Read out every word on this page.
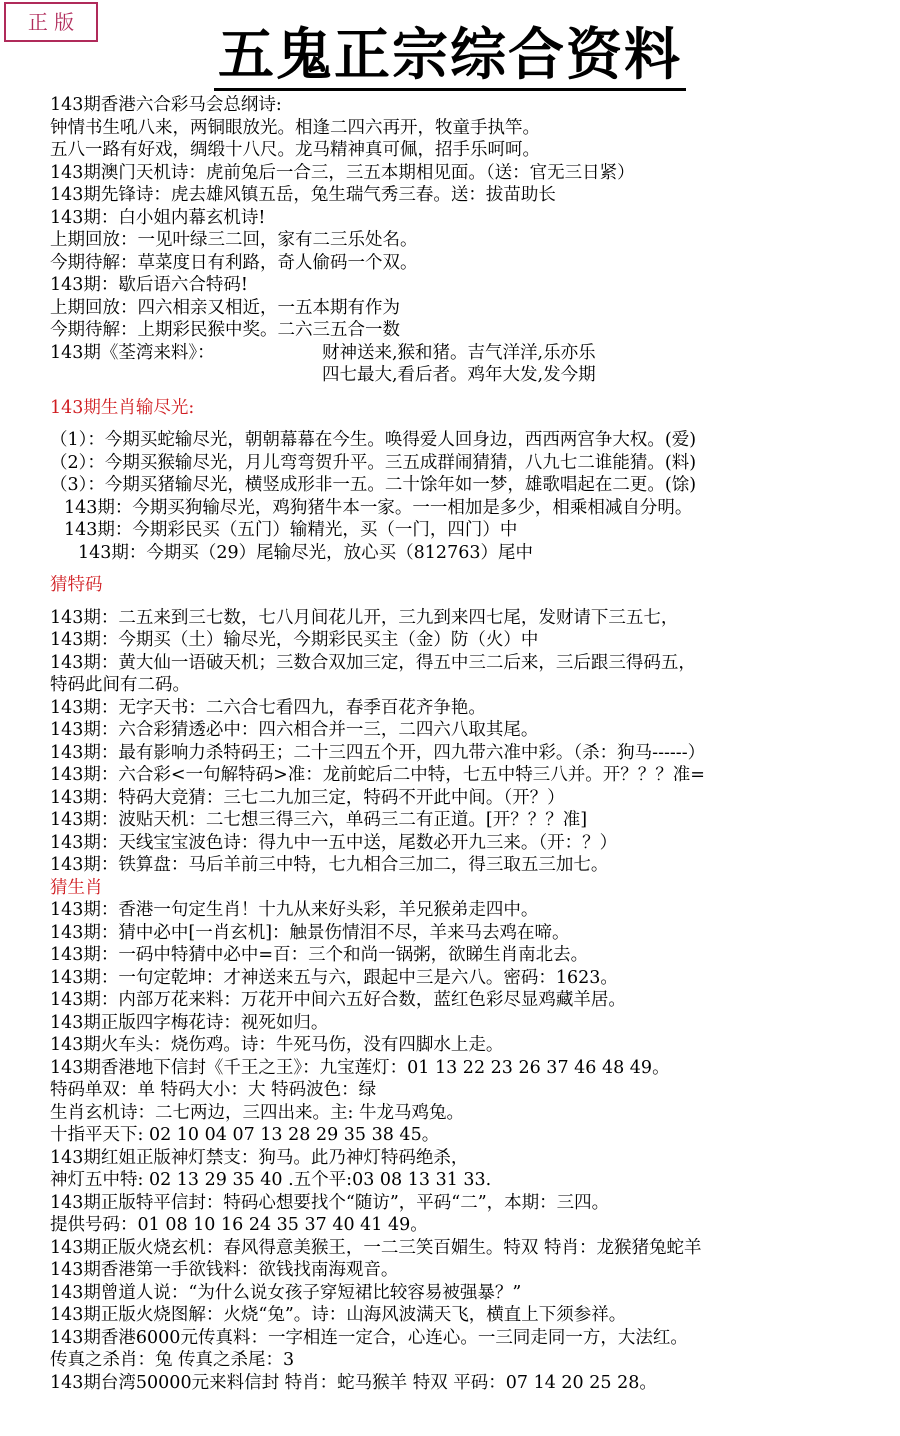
正 版	五鬼正宗综合资料
143期香港六合彩马会总纲诗:
钟情书生吼八来，两铜眼放光。相逢二四六再开，牧童手执竿。
五八一路有好戏，绸缎十八尺。龙马精神真可佩，招手乐呵呵。
143期澳门天机诗：虎前兔后一合三，三五本期相见面。（送：官无三日紧）
143期先锋诗：虎去雄风镇五岳，兔生瑞气秀三春。送：拔苗助长
143期：白小姐内幕玄机诗!
上期回放：一见叶绿三二回，家有二三乐处名。
今期待解：草菜度日有利路，奇人偷码一个双。
143期：歇后语六合特码!
上期回放：四六相亲又相近，一五本期有作为
今期待解：上期彩民猴中奖。二六三五合一数
143期《荃湾来料》：	财神送来,猴和猪。吉气洋洋,乐亦乐
四七最大,看后者。鸡年大发,发今期
143期生肖输尽光:
（1）：今期买蛇输尽光，朝朝幕幕在今生。唤得爱人回身边，西西两宫争大权。(爱)
（2）：今期买猴输尽光，月儿弯弯贺升平。三五成群闹猜猜，八九七二谁能猜。(料)
（3）：今期买猪输尽光，横竖成形非一五。二十馀年如一梦，雄歌唱起在二更。(馀)
143期：今期买狗输尽光，鸡狗猪牛本一家。一一相加是多少，相乘相减自分明。
143期：今期彩民买（五门）输精光，买（一门，四门）中
143期：今期买（29）尾输尽光，放心买（812763）尾中
猜特码
143期：二五来到三七数，七八月间花儿开，三九到来四七尾，发财请下三五七，
143期：今期买（土）输尽光，今期彩民买主（金）防（火）中
143期：黄大仙一语破天机；三数合双加三定，得五中三二后来，三后跟三得码五，
特码此间有二码。
143期：无字天书：二六合七看四九，春季百花齐争艳。
143期：六合彩猜透必中：四六相合并一三，二四六八取其尾。
143期：最有影响力杀特码王；二十三四五个开，四九带六准中彩。（杀：狗马------）
143期：六合彩<一句解特码>准：龙前蛇后二中特，七五中特三八并。开？？？准=
143期：特码大竞猜：三七二九加三定，特码不开此中间。（开？）
143期：波贴天机：二七想三得三六，单码三二有正道。[开？？？准]
143期：天线宝宝波色诗：得九中一五中送，尾数必开九三来。（开：？）
143期：铁算盘：马后羊前三中特，七九相合三加二，得三取五三加七。
猜生肖
143期：香港一句定生肖！十九从来好头彩，羊兄猴弟走四中。
143期：猜中必中[一肖玄机]：触景伤情泪不尽，羊来马去鸡在啼。
143期：一码中特猜中必中=百：三个和尚一锅粥，欲睇生肖南北去。
143期：一句定乾坤：才神送来五与六，跟起中三是六八。密码：1623。
143期：内部万花来料：万花开中间六五好合数，蓝红色彩尽显鸡藏羊居。
143期正版四字梅花诗：视死如归。
143期火车头：烧伤鸡。诗：牛死马伤，没有四脚水上走。
143期香港地下信封《千王之王》：九宝莲灯：01 13 22 23 26 37 46 48 49。
特码单双：单 特码大小：大 特码波色：绿
生肖玄机诗：二七两边，三四出来。主: 牛龙马鸡兔。
十指平天下: 02 10 04 07 13 28 29 35 38 45。
143期红姐正版神灯禁支：狗马。此乃神灯特码绝杀，
神灯五中特: 02 13 29 35 40 .五个平:03 08 13 31 33.
143期正版特平信封：特码心想要找个“随访”，平码“二”，本期：三四。
提供号码：01 08 10 16 24 35 37 40 41 49。
143期正版火烧玄机：春风得意美猴王，一二三笑百媚生。特双 特肖：龙猴猪兔蛇羊
143期香港第一手欲钱料：欲钱找南海观音。
143期曾道人说：“为什么说女孩子穿短裙比较容易被强暴？”
143期正版火烧图解：火烧“兔”。诗：山海风波满天飞，横直上下须参祥。
143期香港6000元传真料：一字相连一定合，心连心。一三同走同一方，大法红。
传真之杀肖：兔 传真之杀尾：3
143期台湾50000元来料信封 特肖：蛇马猴羊 特双 平码：07 14 20 25 28。
